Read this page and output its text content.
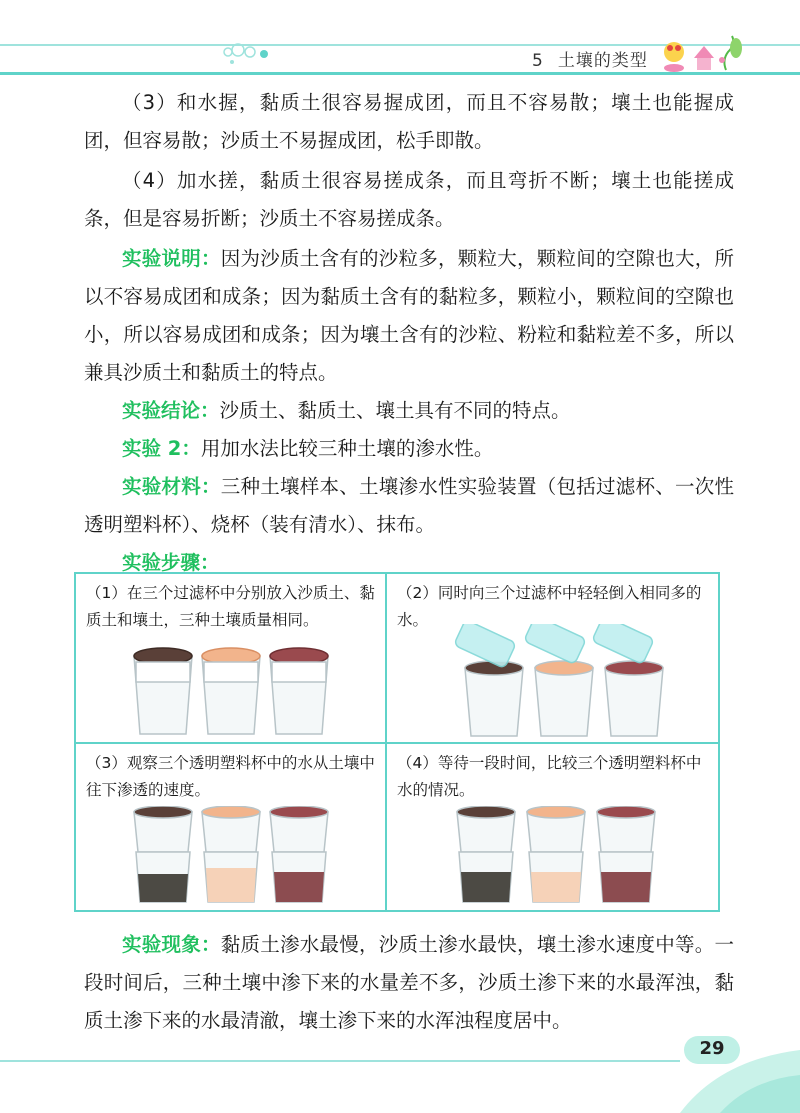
5 土壤的类型

（3）和水握，黏质土很容易握成团，而且不容易散；壤土也能握成团，但容易散；沙质土不易握成团，松手即散。

（4）加水搓，黏质土很容易搓成条，而且弯折不断；壤土也能搓成条，但是容易折断；沙质土不容易搓成条。

实验说明：因为沙质土含有的沙粒多，颗粒大，颗粒间的空隙也大，所以不容易成团和成条；因为黏质土含有的黏粒多，颗粒小，颗粒间的空隙也小，所以容易成团和成条；因为壤土含有的沙粒、粉粒和黏粒差不多，所以兼具沙质土和黏质土的特点。

实验结论：沙质土、黏质土、壤土具有不同的特点。

实验 2：用加水法比较三种土壤的渗水性。

实验材料：三种土壤样本、土壤渗水性实验装置（包括过滤杯、一次性透明塑料杯）、烧杯（装有清水）、抹布。

实验步骤：

（1）在三个过滤杯中分别放入沙质土、黏质土和壤土，三种土壤质量相同。
（2）同时向三个过滤杯中轻轻倒入相同多的水。
（3）观察三个透明塑料杯中的水从土壤中往下渗透的速度。
（4）等待一段时间，比较三个透明塑料杯中水的情况。

实验现象：黏质土渗水最慢，沙质土渗水最快，壤土渗水速度中等。一段时间后，三种土壤中渗下来的水量差不多，沙质土渗下来的水最浑浊，黏质土渗下来的水最清澈，壤土渗下来的水浑浊程度居中。

29
